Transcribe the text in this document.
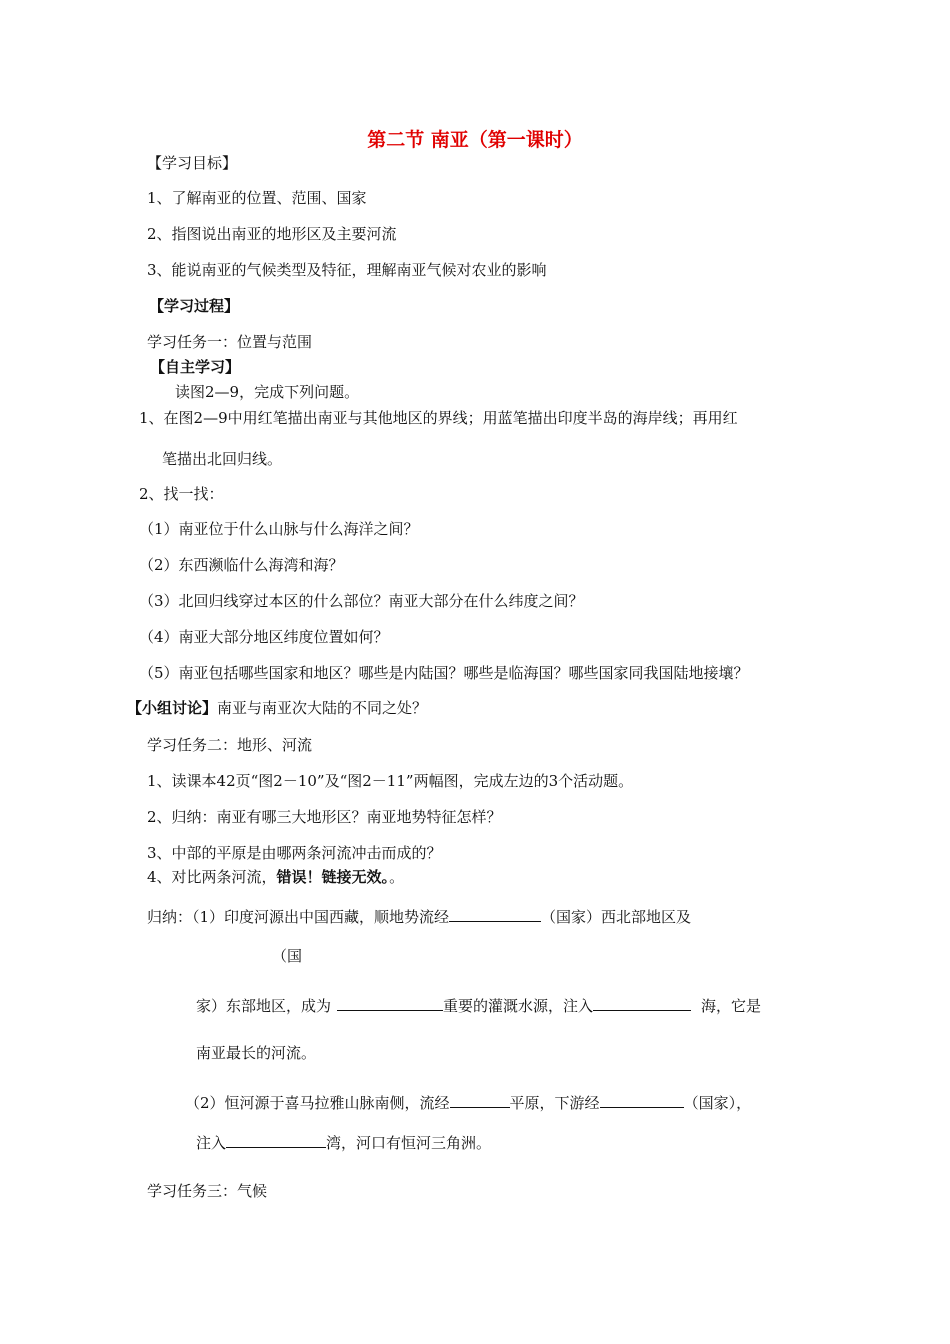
第二节 南亚（第一课时）
【学习目标】
1、了解南亚的位置、范围、国家
2、指图说出南亚的地形区及主要河流
3、能说南亚的气候类型及特征，理解南亚气候对农业的影响
【学习过程】
学习任务一：位置与范围
【自主学习】
读图2—9，完成下列问题。
1、在图2—9中用红笔描出南亚与其他地区的界线；用蓝笔描出印度半岛的海岸线；再用红
笔描出北回归线。
2、找一找：
（1）南亚位于什么山脉与什么海洋之间？
（2）东西濒临什么海湾和海？
（3）北回归线穿过本区的什么部位？南亚大部分在什么纬度之间？
（4）南亚大部分地区纬度位置如何？
（5）南亚包括哪些国家和地区？哪些是内陆国？哪些是临海国？哪些国家同我国陆地接壤？
【小组讨论】南亚与南亚次大陆的不同之处？
学习任务二：地形、河流
1、读课本42页“图2－10”及“图2－11”两幅图，完成左边的3个活动题。
2、归纳：南亚有哪三大地形区？南亚地势特征怎样？
3、中部的平原是由哪两条河流冲击而成的？
4、对比两条河流，错误！链接无效。。
归纳：（1）印度河源出中国西藏，顺地势流经	（国家）西北部地区及
（国
家）东部地区，成为	重要的灌溉水源，注入	海，它是
南亚最长的河流。
（2）恒河源于喜马拉雅山脉南侧，流经	平原，下游经	（国家），
注入	湾，河口有恒河三角洲。
学习任务三：气候
